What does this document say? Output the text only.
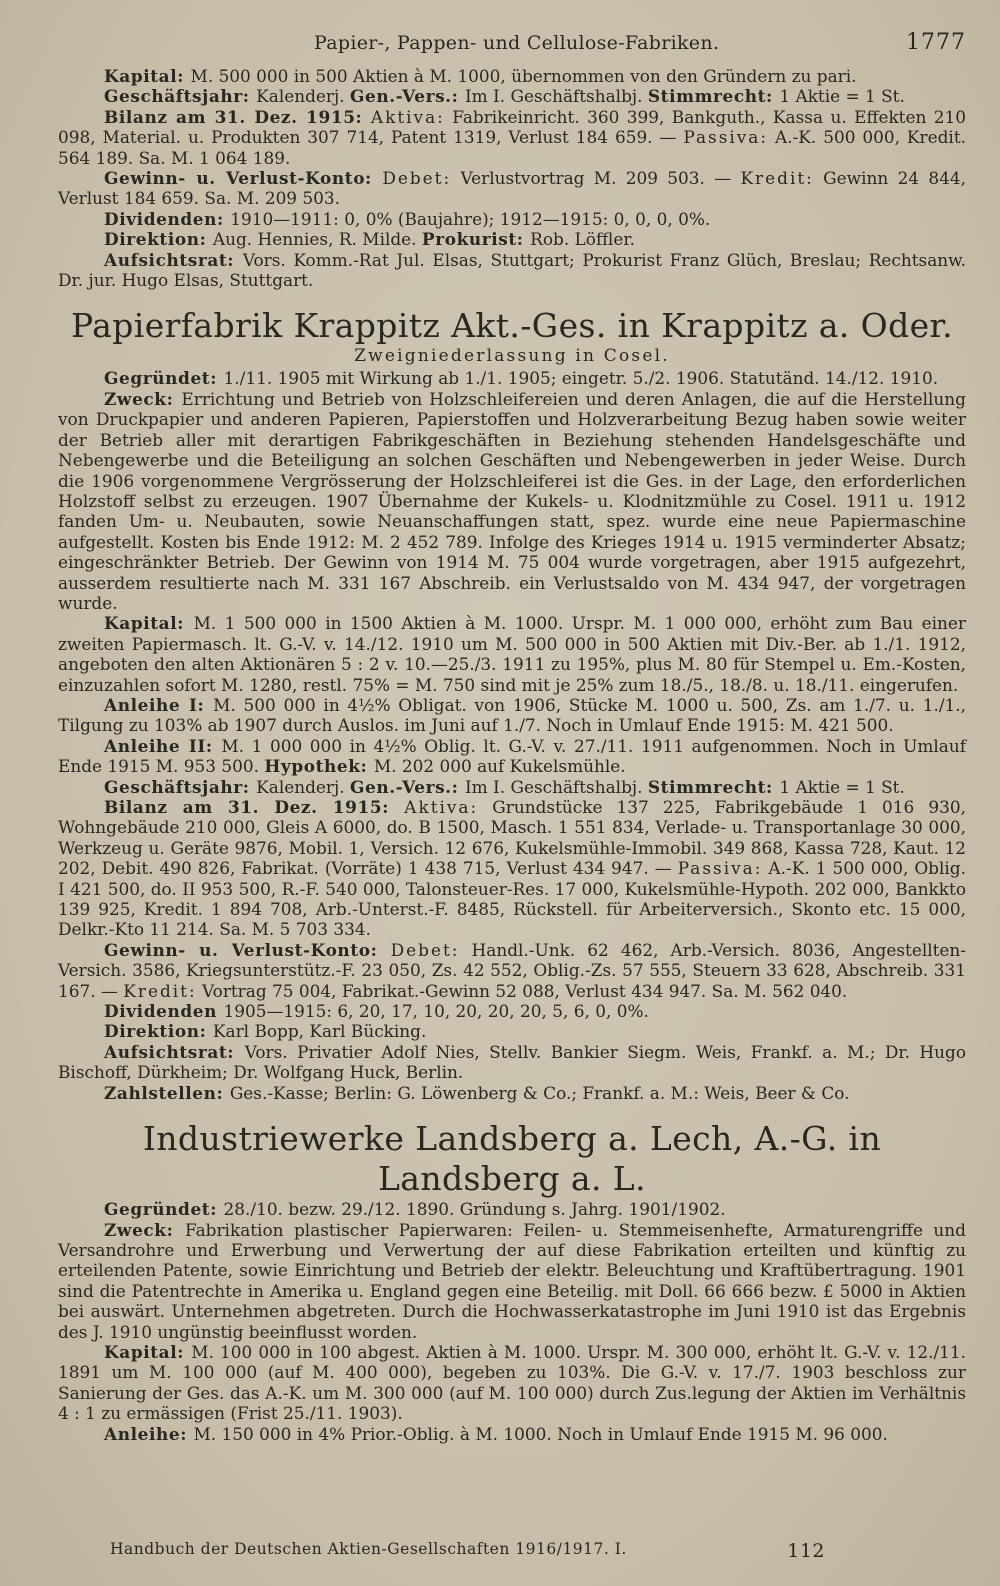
Papier-, Pappen- und Cellulose-Fabriken.	1777

Kapital: M. 500 000 in 500 Aktien à M. 1000, übernommen von den Gründern zu pari.

Geschäftsjahr: Kalenderj. Gen.-Vers.: Im I. Geschäftshalbj. Stimmrecht: 1 Aktie = 1 St.

Bilanz am 31. Dez. 1915: Aktiva: Fabrikeinricht. 360 399, Bankguth., Kassa u. Effekten 210 098, Material. u. Produkten 307 714, Patent 1319, Verlust 184 659. — Passiva: A.-K. 500 000, Kredit. 564 189. Sa. M. 1 064 189.

Gewinn- u. Verlust-Konto: Debet: Verlustvortrag M. 209 503. — Kredit: Gewinn 24 844, Verlust 184 659. Sa. M. 209 503.

Dividenden: 1910—1911: 0, 0% (Baujahre); 1912—1915: 0, 0, 0, 0%.

Direktion: Aug. Hennies, R. Milde. Prokurist: Rob. Löffler.

Aufsichtsrat: Vors. Komm.-Rat Jul. Elsas, Stuttgart; Prokurist Franz Glüch, Breslau; Rechtsanw. Dr. jur. Hugo Elsas, Stuttgart.

Papierfabrik Krappitz Akt.-Ges. in Krappitz a. Oder.
Zweigniederlassung in Cosel.

Gegründet: 1./11. 1905 mit Wirkung ab 1./1. 1905; eingetr. 5./2. 1906. Statutänd. 14./12. 1910.

Zweck: Errichtung und Betrieb von Holzschleifereien und deren Anlagen, die auf die Herstellung von Druckpapier und anderen Papieren, Papierstoffen und Holzverarbeitung Bezug haben sowie weiter der Betrieb aller mit derartigen Fabrikgeschäften in Beziehung stehenden Handelsgeschäfte und Nebengewerbe und die Beteiligung an solchen Geschäften und Nebengewerben in jeder Weise. Durch die 1906 vorgenommene Vergrösserung der Holzschleiferei ist die Ges. in der Lage, den erforderlichen Holzstoff selbst zu erzeugen. 1907 Übernahme der Kukels- u. Klodnitzmühle zu Cosel. 1911 u. 1912 fanden Um- u. Neubauten, sowie Neuanschaffungen statt, spez. wurde eine neue Papiermaschine aufgestellt. Kosten bis Ende 1912: M. 2 452 789. Infolge des Krieges 1914 u. 1915 verminderter Absatz; eingeschränkter Betrieb. Der Gewinn von 1914 M. 75 004 wurde vorgetragen, aber 1915 aufgezehrt, ausserdem resultierte nach M. 331 167 Abschreib. ein Verlustsaldo von M. 434 947, der vorgetragen wurde.

Kapital: M. 1 500 000 in 1500 Aktien à M. 1000. Urspr. M. 1 000 000, erhöht zum Bau einer zweiten Papiermasch. lt. G.-V. v. 14./12. 1910 um M. 500 000 in 500 Aktien mit Div.-Ber. ab 1./1. 1912, angeboten den alten Aktionären 5 : 2 v. 10.—25./3. 1911 zu 195%, plus M. 80 für Stempel u. Em.-Kosten, einzuzahlen sofort M. 1280, restl. 75% = M. 750 sind mit je 25% zum 18./5., 18./8. u. 18./11. eingerufen.

Anleihe I: M. 500 000 in 4½% Obligat. von 1906, Stücke M. 1000 u. 500, Zs. am 1./7. u. 1./1., Tilgung zu 103% ab 1907 durch Auslos. im Juni auf 1./7. Noch in Umlauf Ende 1915: M. 421 500.

Anleihe II: M. 1 000 000 in 4½% Oblig. lt. G.-V. v. 27./11. 1911 aufgenommen. Noch in Umlauf Ende 1915 M. 953 500. Hypothek: M. 202 000 auf Kukelsmühle.

Geschäftsjahr: Kalenderj. Gen.-Vers.: Im I. Geschäftshalbj. Stimmrecht: 1 Aktie = 1 St.

Bilanz am 31. Dez. 1915: Aktiva: Grundstücke 137 225, Fabrikgebäude 1 016 930, Wohngebäude 210 000, Gleis A 6000, do. B 1500, Masch. 1 551 834, Verlade- u. Transportanlage 30 000, Werkzeug u. Geräte 9876, Mobil. 1, Versich. 12 676, Kukelsmühle-Immobil. 349 868, Kassa 728, Kaut. 12 202, Debit. 490 826, Fabrikat. (Vorräte) 1 438 715, Verlust 434 947. — Passiva: A.-K. 1 500 000, Oblig. I 421 500, do. II 953 500, R.-F. 540 000, Talonsteuer-Res. 17 000, Kukelsmühle-Hypoth. 202 000, Bankkto 139 925, Kredit. 1 894 708, Arb.-Unterst.-F. 8485, Rückstell. für Arbeiterversich., Skonto etc. 15 000, Delkr.-Kto 11 214. Sa. M. 5 703 334.

Gewinn- u. Verlust-Konto: Debet: Handl.-Unk. 62 462, Arb.-Versich. 8036, Angestellten-Versich. 3586, Kriegsunterstütz.-F. 23 050, Zs. 42 552, Oblig.-Zs. 57 555, Steuern 33 628, Abschreib. 331 167. — Kredit: Vortrag 75 004, Fabrikat.-Gewinn 52 088, Verlust 434 947. Sa. M. 562 040.

Dividenden 1905—1915: 6, 20, 17, 10, 20, 20, 20, 5, 6, 0, 0%.

Direktion: Karl Bopp, Karl Bücking.

Aufsichtsrat: Vors. Privatier Adolf Nies, Stellv. Bankier Siegm. Weis, Frankf. a. M.; Dr. Hugo Bischoff, Dürkheim; Dr. Wolfgang Huck, Berlin.

Zahlstellen: Ges.-Kasse; Berlin: G. Löwenberg & Co.; Frankf. a. M.: Weis, Beer & Co.

Industriewerke Landsberg a. Lech, A.-G. in Landsberg a. L.

Gegründet: 28./10. bezw. 29./12. 1890. Gründung s. Jahrg. 1901/1902.

Zweck: Fabrikation plastischer Papierwaren: Feilen- u. Stemmeisenhefte, Armaturengriffe und Versandrohre und Erwerbung und Verwertung der auf diese Fabrikation erteilten und künftig zu erteilenden Patente, sowie Einrichtung und Betrieb der elektr. Beleuchtung und Kraftübertragung. 1901 sind die Patentrechte in Amerika u. England gegen eine Beteilig. mit Doll. 66 666 bezw. £ 5000 in Aktien bei auswärt. Unternehmen abgetreten. Durch die Hochwasserkatastrophe im Juni 1910 ist das Ergebnis des J. 1910 ungünstig beeinflusst worden.

Kapital: M. 100 000 in 100 abgest. Aktien à M. 1000. Urspr. M. 300 000, erhöht lt. G.-V. v. 12./11. 1891 um M. 100 000 (auf M. 400 000), begeben zu 103%. Die G.-V. v. 17./7. 1903 beschloss zur Sanierung der Ges. das A.-K. um M. 300 000 (auf M. 100 000) durch Zus.legung der Aktien im Verhältnis 4 : 1 zu ermässigen (Frist 25./11. 1903).

Anleihe: M. 150 000 in 4% Prior.-Oblig. à M. 1000. Noch in Umlauf Ende 1915 M. 96 000.

Handbuch der Deutschen Aktien-Gesellschaften 1916/1917. I.	112
